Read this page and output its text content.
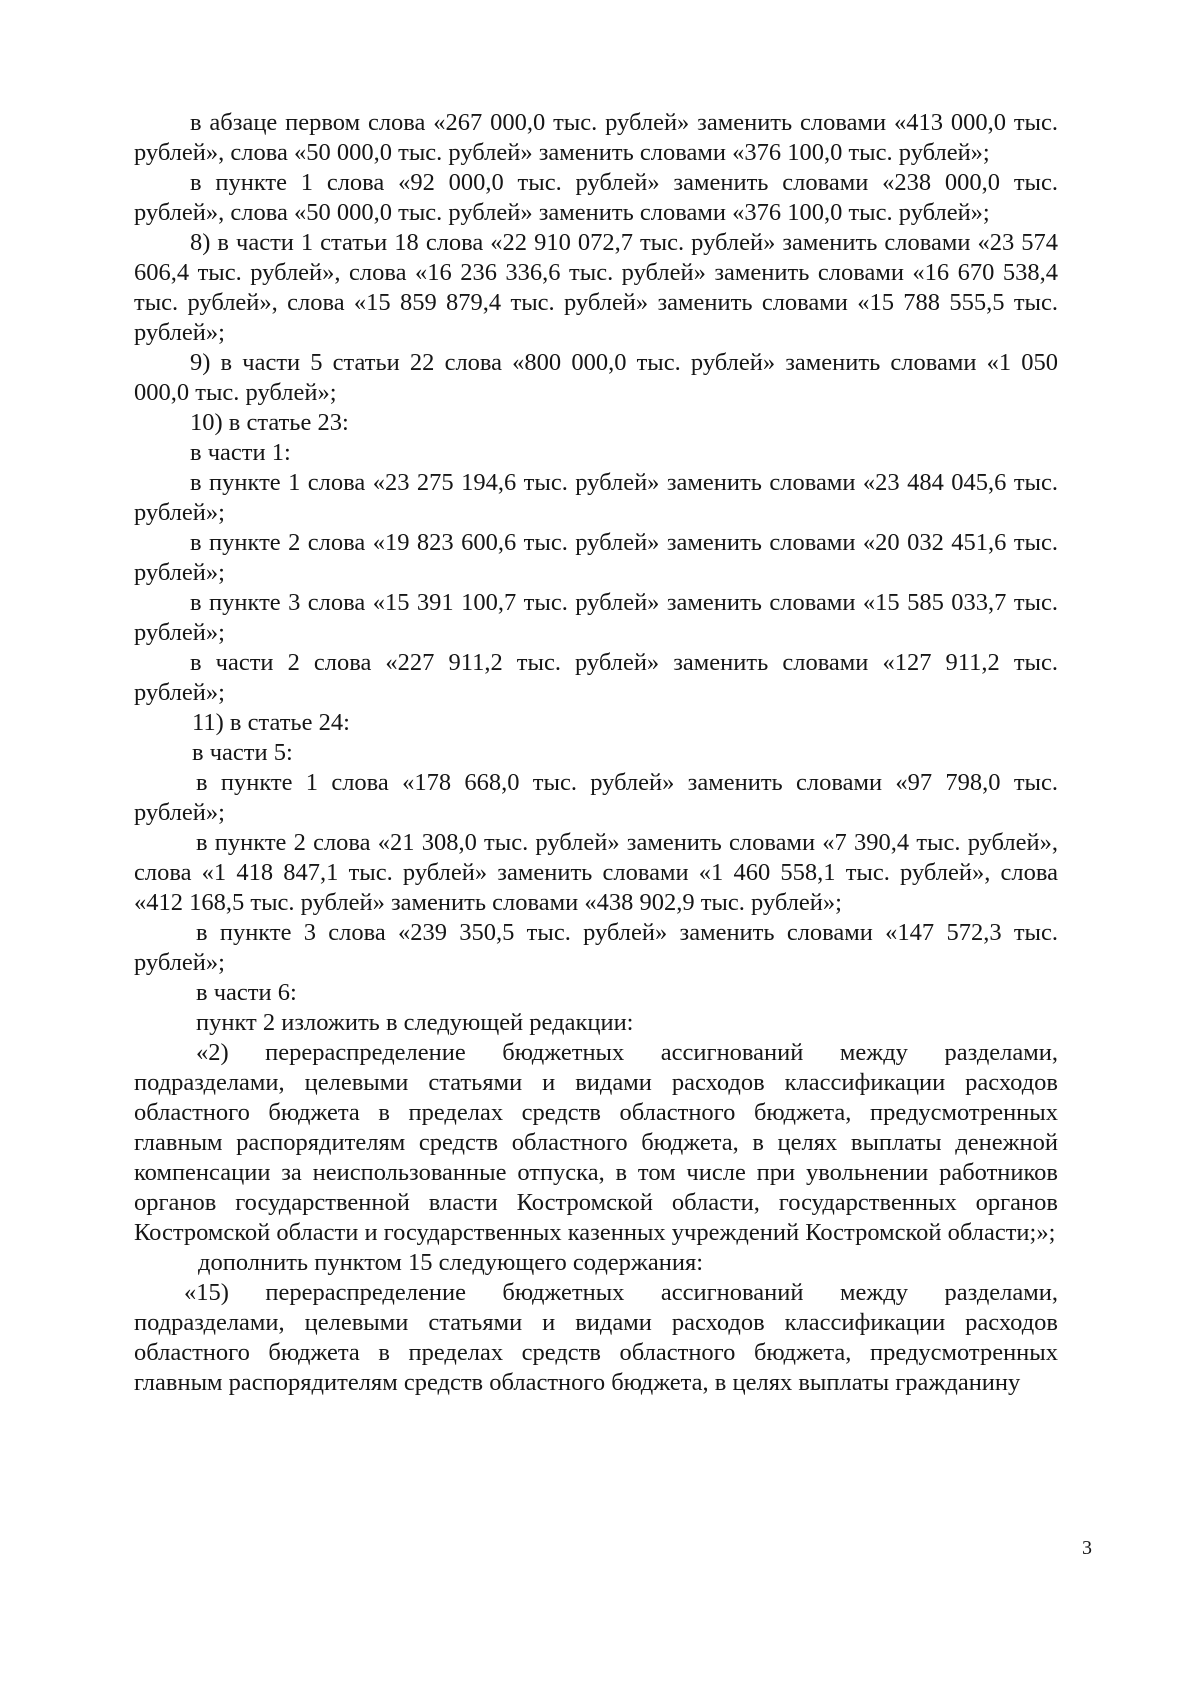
в абзаце первом слова «267 000,0 тыс. рублей» заменить словами «413 000,0 тыс. рублей», слова «50 000,0 тыс. рублей» заменить словами «376 100,0 тыс. рублей»;

в пункте 1 слова «92 000,0 тыс. рублей» заменить словами «238 000,0 тыс. рублей», слова «50 000,0 тыс. рублей» заменить словами «376 100,0 тыс. рублей»;

8) в части 1 статьи 18 слова «22 910 072,7 тыс. рублей» заменить словами «23 574 606,4 тыс. рублей», слова «16 236 336,6 тыс. рублей» заменить словами «16 670 538,4 тыс. рублей», слова «15 859 879,4 тыс. рублей» заменить словами «15 788 555,5 тыс. рублей»;

9) в части 5 статьи 22 слова «800 000,0 тыс. рублей» заменить словами «1 050 000,0 тыс. рублей»;

10) в статье 23:

в части 1:

в пункте 1 слова «23 275 194,6 тыс. рублей» заменить словами «23 484 045,6 тыс. рублей»;

в пункте 2 слова «19 823 600,6 тыс. рублей» заменить словами «20 032 451,6 тыс. рублей»;

в пункте 3 слова «15 391 100,7 тыс. рублей» заменить словами «15 585 033,7 тыс. рублей»;

в части 2 слова «227 911,2 тыс. рублей» заменить словами «127 911,2 тыс. рублей»;

11) в статье 24:

в части 5:

в пункте 1 слова «178 668,0 тыс. рублей» заменить словами «97 798,0 тыс. рублей»;

в пункте 2 слова «21 308,0 тыс. рублей» заменить словами «7 390,4 тыс. рублей», слова «1 418 847,1 тыс. рублей» заменить словами «1 460 558,1 тыс. рублей», слова «412 168,5 тыс. рублей» заменить словами «438 902,9 тыс. рублей»;

в пункте 3 слова «239 350,5 тыс. рублей» заменить словами «147 572,3 тыс. рублей»;

в части 6:

пункт 2 изложить в следующей редакции:

«2) перераспределение бюджетных ассигнований между разделами, подразделами, целевыми статьями и видами расходов классификации расходов областного бюджета в пределах средств областного бюджета, предусмотренных главным распорядителям средств областного бюджета, в целях выплаты денежной компенсации за неиспользованные отпуска, в том числе при увольнении работников органов государственной власти Костромской области, государственных органов Костромской области и государственных казенных учреждений Костромской области;»;

дополнить пунктом 15 следующего содержания:

«15) перераспределение бюджетных ассигнований между разделами, подразделами, целевыми статьями и видами расходов классификации расходов областного бюджета в пределах средств областного бюджета, предусмотренных главным распорядителям средств областного бюджета, в целях выплаты гражданину

3
